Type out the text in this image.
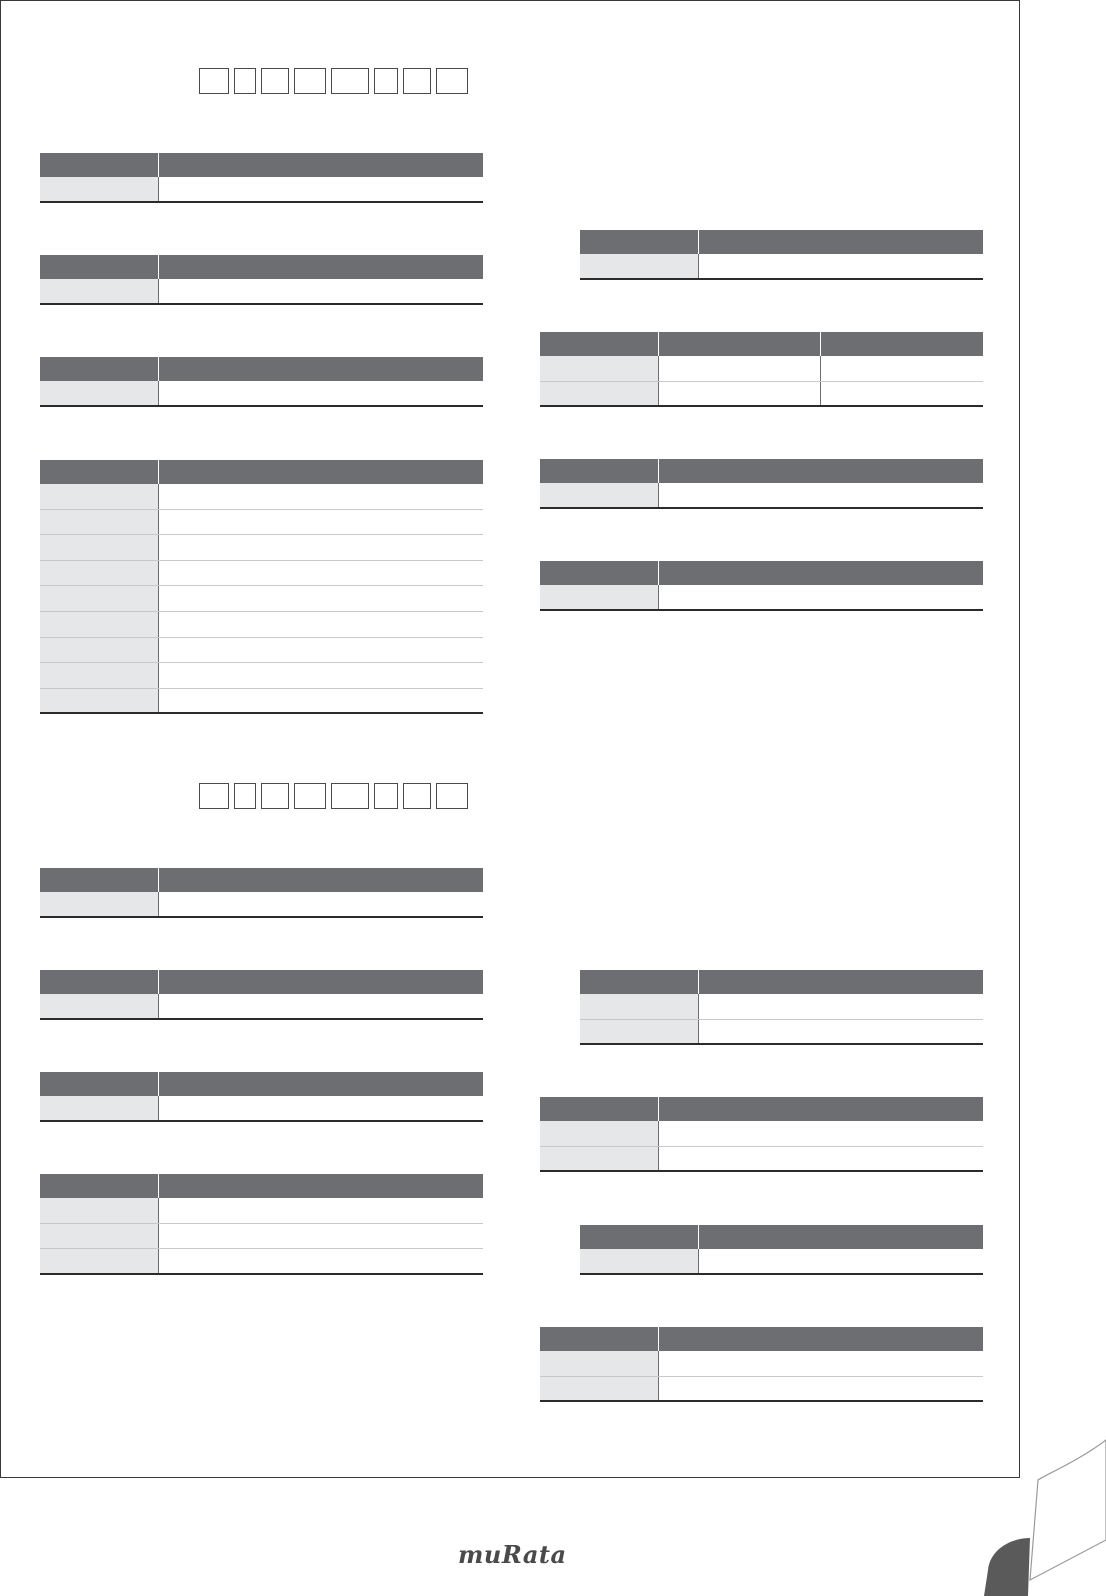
muRata
